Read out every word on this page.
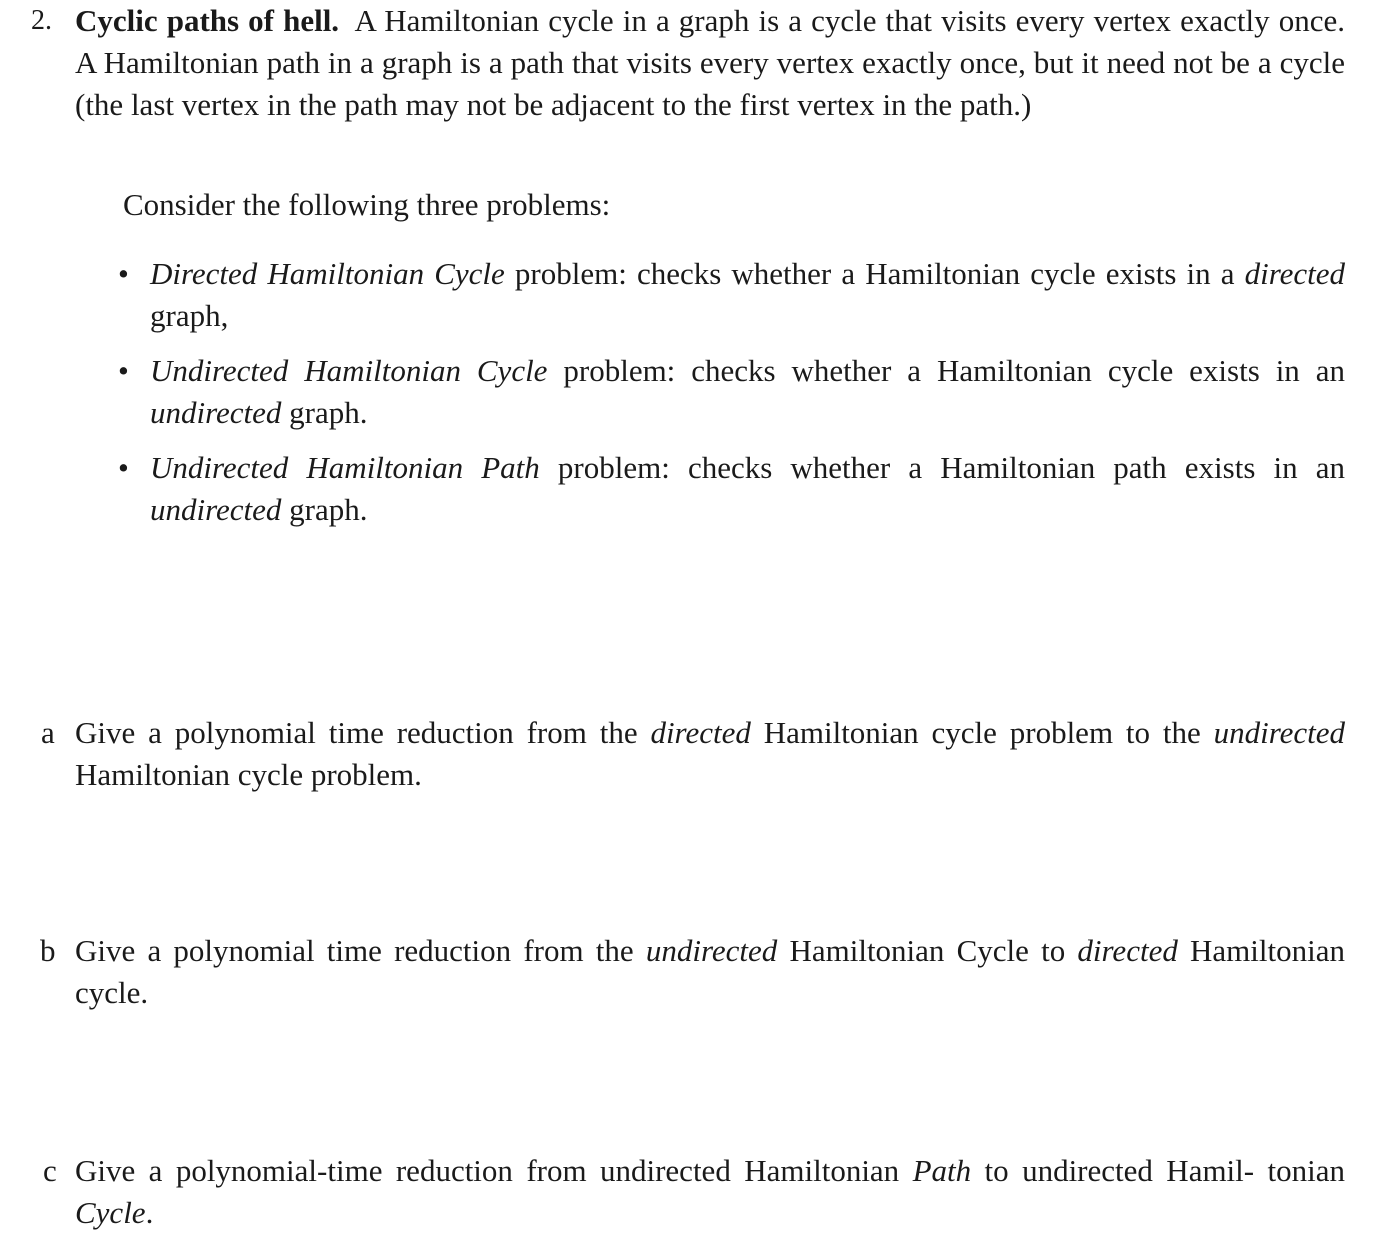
2. Cyclic paths of hell. A Hamiltonian cycle in a graph is a cycle that visits every vertex exactly once. A Hamiltonian path in a graph is a path that visits every vertex exactly once, but it need not be a cycle (the last vertex in the path may not be adjacent to the first vertex in the path.)
Consider the following three problems:
• Directed Hamiltonian Cycle problem: checks whether a Hamiltonian cycle exists in a directed graph,
• Undirected Hamiltonian Cycle problem: checks whether a Hamiltonian cycle exists in an undirected graph.
• Undirected Hamiltonian Path problem: checks whether a Hamiltonian path exists in an undirected graph.
a Give a polynomial time reduction from the directed Hamiltonian cycle problem to the undirected Hamiltonian cycle problem.
b Give a polynomial time reduction from the undirected Hamiltonian Cycle to directed Hamiltonian cycle.
c Give a polynomial-time reduction from undirected Hamiltonian Path to undirected Hamil- tonian Cycle.
